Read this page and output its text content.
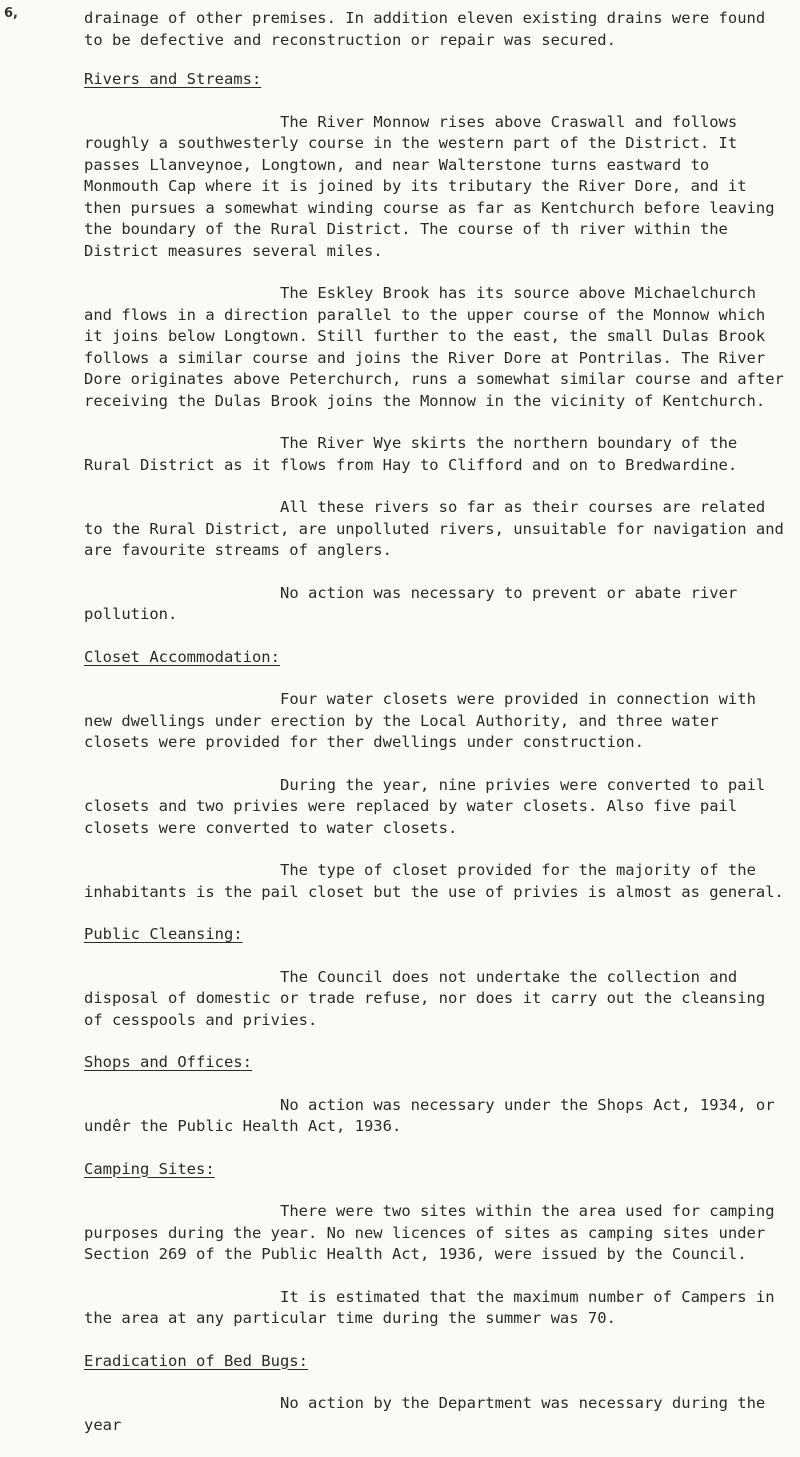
6,	drainage of other premises. In addition eleven existing drains were found to be defective and reconstruction or repair was secured.

Rivers and Streams:

The River Monnow rises above Craswall and follows roughly a southwesterly course in the western part of the District. It passes Llanveynoe, Longtown, and near Walterstone turns eastward to Monmouth Cap where it is joined by its tributary the River Dore, and it then pursues a somewhat winding course as far as Kentchurch before leaving the boundary of the Rural District. The course of th river within the District measures several miles.

The Eskley Brook has its source above Michaelchurch and flows in a direction parallel to the upper course of the Monnow which it joins below Longtown. Still further to the east, the small Dulas Brook follows a similar course and joins the River Dore at Pontrilas. The River Dore originates above Peterchurch, runs a somewhat similar course and after receiving the Dulas Brook joins the Monnow in the vicinity of Kentchurch.

The River Wye skirts the northern boundary of the Rural District as it flows from Hay to Clifford and on to Bredwardine.

All these rivers so far as their courses are related to the Rural District, are unpolluted rivers, unsuitable for navigation and are favourite streams of anglers.

No action was necessary to prevent or abate river pollution.

Closet Accommodation:

Four water closets were provided in connection with new dwellings under erection by the Local Authority, and three water closets were provided for ther dwellings under construction.

During the year, nine privies were converted to pail closets and two privies were replaced by water closets. Also five pail closets were converted to water closets.

The type of closet provided for the majority of the inhabitants is the pail closet but the use of privies is almost as general.

Public Cleansing:

The Council does not undertake the collection and disposal of domestic or trade refuse, nor does it carry out the cleansing of cesspools and privies.

Shops and Offices:

No action was necessary under the Shops Act, 1934, or undêr the Public Health Act, 1936.

Camping Sites:

There were two sites within the area used for camping purposes during the year. No new licences of sites as camping sites under Section 269 of the Public Health Act, 1936, were issued by the Council.

It is estimated that the maximum number of Campers in the area at any particular time during the summer was 70.

Eradication of Bed Bugs:

No action by the Department was necessary during the year
